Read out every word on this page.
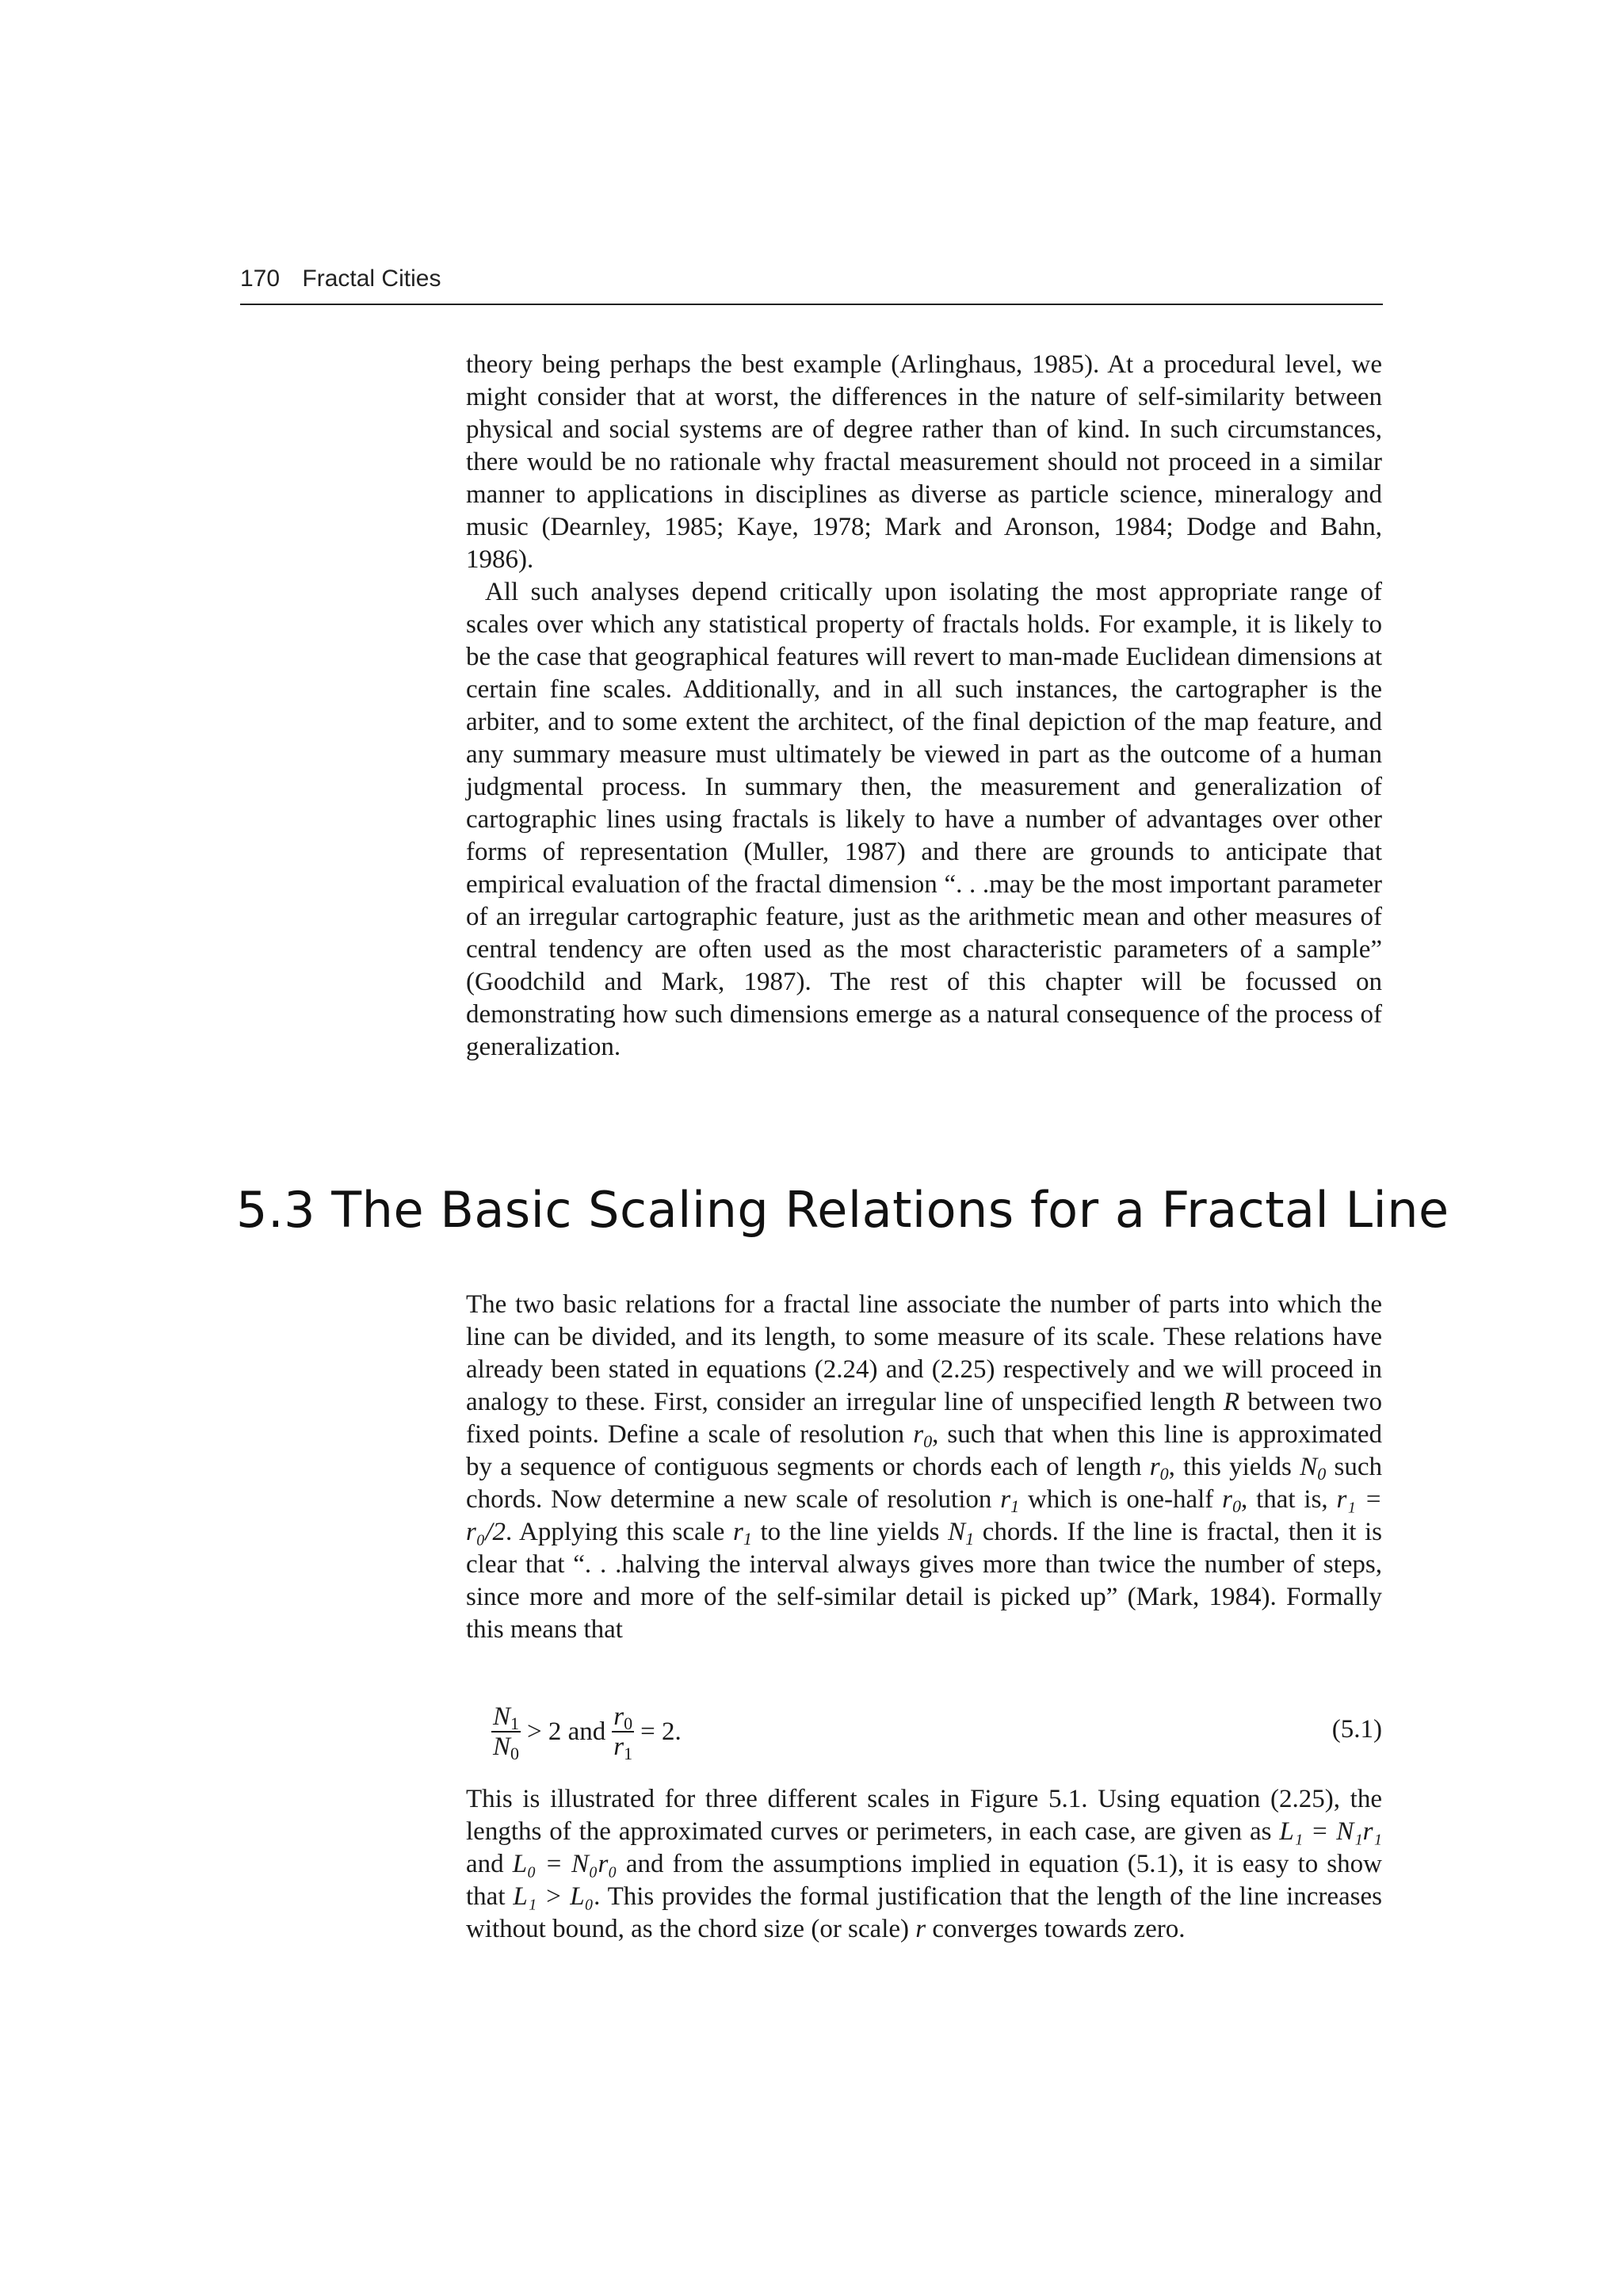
170 Fractal Cities

theory being perhaps the best example (Arlinghaus, 1985). At a procedural level, we might consider that at worst, the differences in the nature of self-similarity between physical and social systems are of degree rather than of kind. In such circumstances, there would be no rationale why fractal measurement should not proceed in a similar manner to applications in disciplines as diverse as particle science, mineralogy and music (Dearnley, 1985; Kaye, 1978; Mark and Aronson, 1984; Dodge and Bahn, 1986).

All such analyses depend critically upon isolating the most appropriate range of scales over which any statistical property of fractals holds. For example, it is likely to be the case that geographical features will revert to man-made Euclidean dimensions at certain fine scales. Additionally, and in all such instances, the cartographer is the arbiter, and to some extent the architect, of the final depiction of the map feature, and any summary measure must ultimately be viewed in part as the outcome of a human judgmental process. In summary then, the measurement and generalization of cartographic lines using fractals is likely to have a number of advantages over other forms of representation (Muller, 1987) and there are grounds to anticipate that empirical evaluation of the fractal dimension “. . .may be the most important parameter of an irregular cartographic feature, just as the arithmetic mean and other measures of central tendency are often used as the most characteristic parameters of a sample” (Goodchild and Mark, 1987). The rest of this chapter will be focussed on demonstrating how such dimensions emerge as a natural consequence of the process of generalization.

5.3 The Basic Scaling Relations for a Fractal Line

The two basic relations for a fractal line associate the number of parts into which the line can be divided, and its length, to some measure of its scale. These relations have already been stated in equations (2.24) and (2.25) respectively and we will proceed in analogy to these. First, consider an irregular line of unspecified length R between two fixed points. Define a scale of resolution $r_0$, such that when this line is approximated by a sequence of contiguous segments or chords each of length $r_0$, this yields $N_0$ such chords. Now determine a new scale of resolution $r_1$ which is one-half $r_0$, that is, r₁ = r₀/2. Applying this scale $r_1$ to the line yields $N_1$ chords. If the line is fractal, then it is clear that “. . .halving the interval always gives more than twice the number of steps, since more and more of the self-similar detail is picked up” (Mark, 1984). Formally this means that

$\frac{N_1}{N_0} > 2$ and $\frac{r_0}{r_1} = 2$.	(5.1)

This is illustrated for three different scales in Figure 5.1. Using equation (2.25), the lengths of the approximated curves or perimeters, in each case, are given as L₁ = N₁r₁ and L₀ = N₀r₀ and from the assumptions implied in equation (5.1), it is easy to show that L₁ > L₀. This provides the formal justification that the length of the line increases without bound, as the chord size (or scale) r converges towards zero.
